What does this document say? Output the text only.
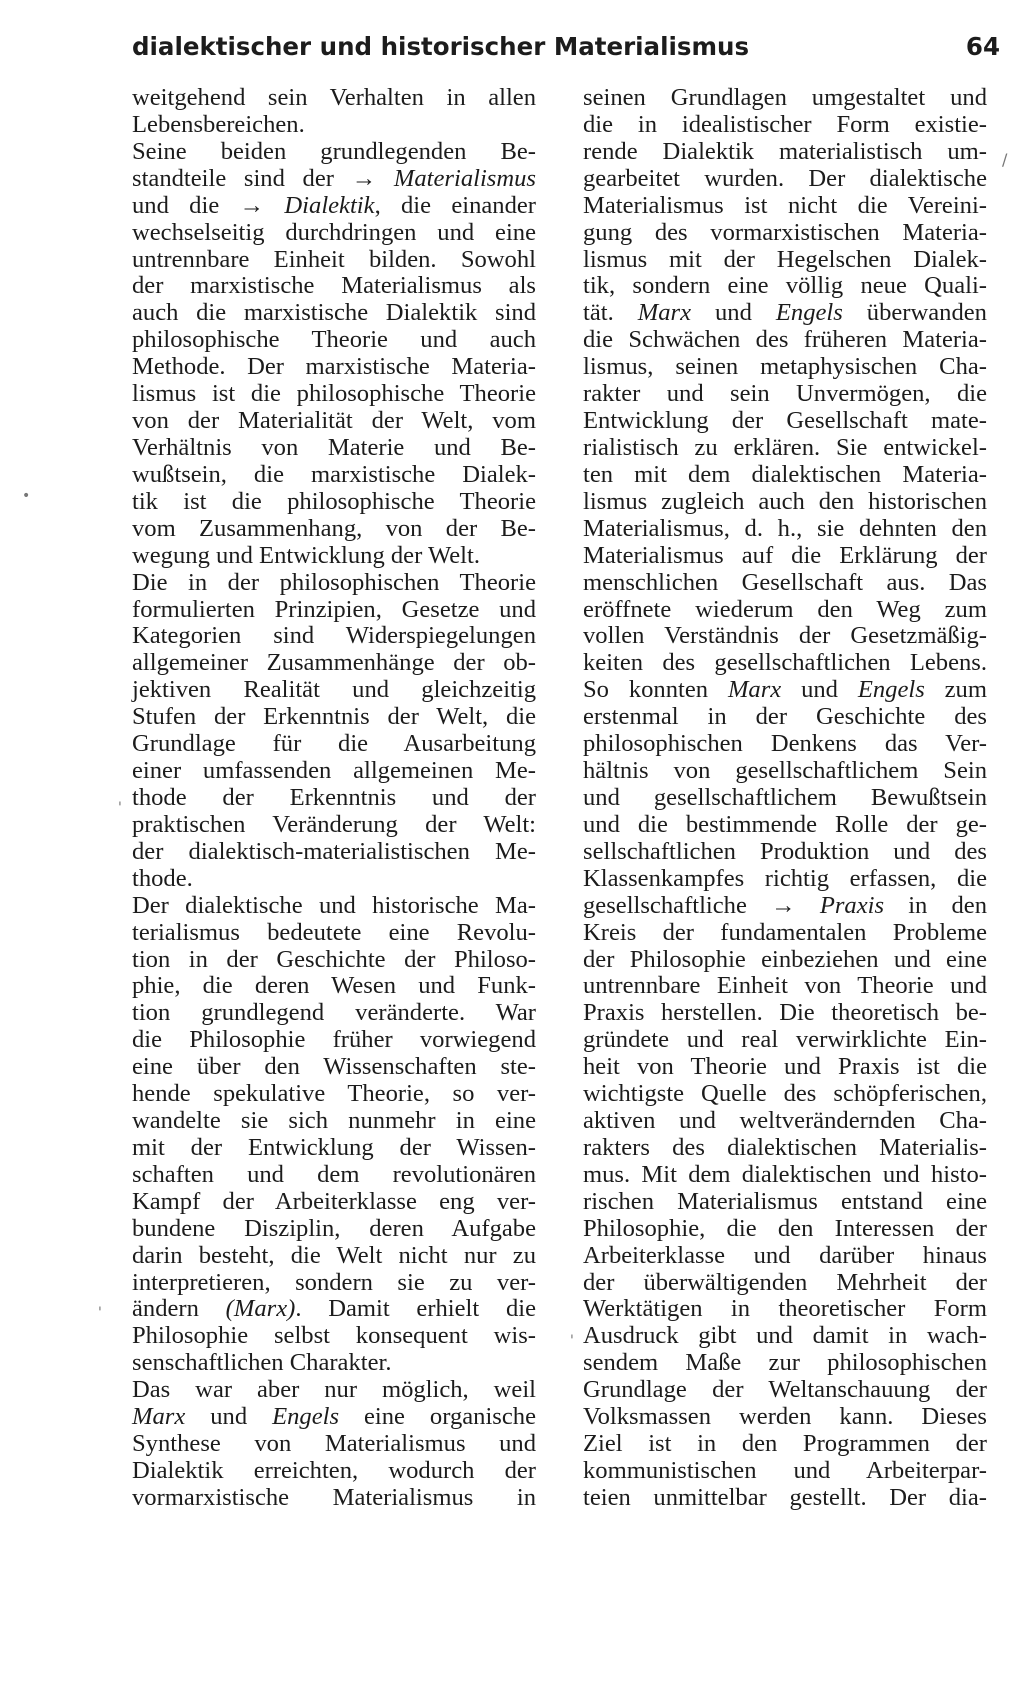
dialektischer und historischer Materialismus	64
weitgehend sein Verhalten in allen
Lebensbereichen.
Seine beiden grundlegenden Be-
standteile sind der → Materialismus
und die → Dialektik, die einander
wechselseitig durchdringen und eine
untrennbare Einheit bilden. Sowohl
der marxistische Materialismus als
auch die marxistische Dialektik sind
philosophische Theorie und auch
Methode. Der marxistische Materia-
lismus ist die philosophische Theorie
von der Materialität der Welt, vom
Verhältnis von Materie und Be-
wußtsein, die marxistische Dialek-
tik ist die philosophische Theorie
vom Zusammenhang, von der Be-
wegung und Entwicklung der Welt.
Die in der philosophischen Theorie
formulierten Prinzipien, Gesetze und
Kategorien sind Widerspiegelungen
allgemeiner Zusammenhänge der ob-
jektiven Realität und gleichzeitig
Stufen der Erkenntnis der Welt, die
Grundlage für die Ausarbeitung
einer umfassenden allgemeinen Me-
thode der Erkenntnis und der
praktischen Veränderung der Welt:
der dialektisch-materialistischen Me-
thode.
Der dialektische und historische Ma-
terialismus bedeutete eine Revolu-
tion in der Geschichte der Philoso-
phie, die deren Wesen und Funk-
tion grundlegend veränderte. War
die Philosophie früher vorwiegend
eine über den Wissenschaften ste-
hende spekulative Theorie, so ver-
wandelte sie sich nunmehr in eine
mit der Entwicklung der Wissen-
schaften und dem revolutionären
Kampf der Arbeiterklasse eng ver-
bundene Disziplin, deren Aufgabe
darin besteht, die Welt nicht nur zu
interpretieren, sondern sie zu ver-
ändern (Marx). Damit erhielt die
Philosophie selbst konsequent wis-
senschaftlichen Charakter.
Das war aber nur möglich, weil
Marx und Engels eine organische
Synthese von Materialismus und
Dialektik erreichten, wodurch der
vormarxistische Materialismus in
seinen Grundlagen umgestaltet und
die in idealistischer Form existie-
rende Dialektik materialistisch um-
gearbeitet wurden. Der dialektische
Materialismus ist nicht die Vereini-
gung des vormarxistischen Materia-
lismus mit der Hegelschen Dialek-
tik, sondern eine völlig neue Quali-
tät. Marx und Engels überwanden
die Schwächen des früheren Materia-
lismus, seinen metaphysischen Cha-
rakter und sein Unvermögen, die
Entwicklung der Gesellschaft mate-
rialistisch zu erklären. Sie entwickel-
ten mit dem dialektischen Materia-
lismus zugleich auch den historischen
Materialismus, d. h., sie dehnten den
Materialismus auf die Erklärung der
menschlichen Gesellschaft aus. Das
eröffnete wiederum den Weg zum
vollen Verständnis der Gesetzmäßig-
keiten des gesellschaftlichen Lebens.
So konnten Marx und Engels zum
erstenmal in der Geschichte des
philosophischen Denkens das Ver-
hältnis von gesellschaftlichem Sein
und gesellschaftlichem Bewußtsein
und die bestimmende Rolle der ge-
sellschaftlichen Produktion und des
Klassenkampfes richtig erfassen, die
gesellschaftliche → Praxis in den
Kreis der fundamentalen Probleme
der Philosophie einbeziehen und eine
untrennbare Einheit von Theorie und
Praxis herstellen. Die theoretisch be-
gründete und real verwirklichte Ein-
heit von Theorie und Praxis ist die
wichtigste Quelle des schöpferischen,
aktiven und weltverändernden Cha-
rakters des dialektischen Materialis-
mus. Mit dem dialektischen und histo-
rischen Materialismus entstand eine
Philosophie, die den Interessen der
Arbeiterklasse und darüber hinaus
der überwältigenden Mehrheit der
Werktätigen in theoretischer Form
Ausdruck gibt und damit in wach-
sendem Maße zur philosophischen
Grundlage der Weltanschauung der
Volksmassen werden kann. Dieses
Ziel ist in den Programmen der
kommunistischen und Arbeiterpar-
teien unmittelbar gestellt. Der dia-
•
'
'
/
'
